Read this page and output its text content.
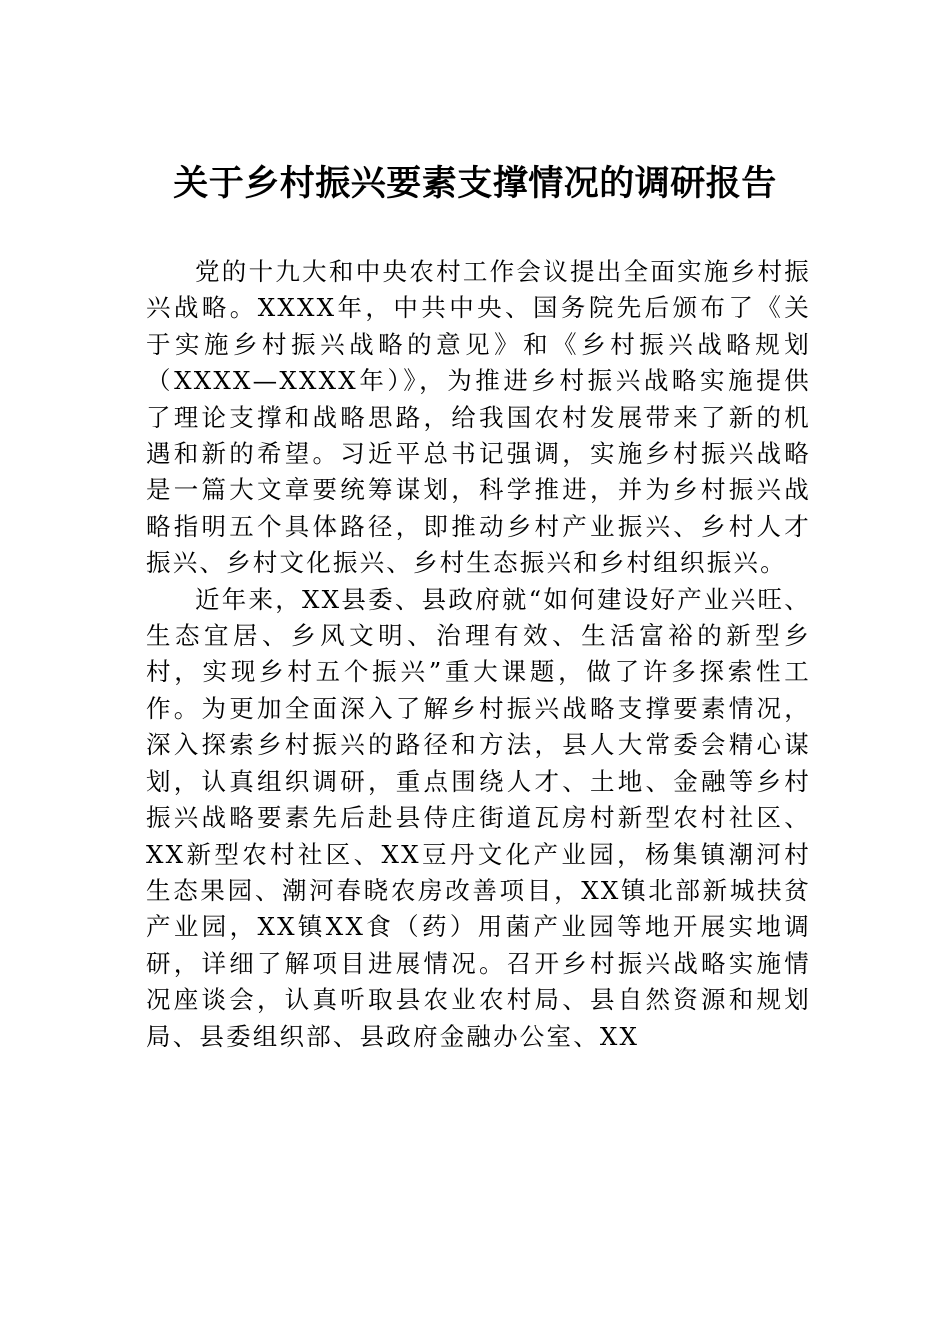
关于乡村振兴要素支撑情况的调研报告

党的十九大和中央农村工作会议提出全面实施乡村振兴战略。XXXX年，中共中央、国务院先后颁布了《关于实施乡村振兴战略的意见》和《乡村振兴战略规划（XXXX—XXXX年）》，为推进乡村振兴战略实施提供了理论支撑和战略思路，给我国农村发展带来了新的机遇和新的希望。习近平总书记强调，实施乡村振兴战略是一篇大文章要统筹谋划，科学推进，并为乡村振兴战略指明五个具体路径，即推动乡村产业振兴、乡村人才振兴、乡村文化振兴、乡村生态振兴和乡村组织振兴。

近年来，XX县委、县政府就“如何建设好产业兴旺、生态宜居、乡风文明、治理有效、生活富裕的新型乡村，实现乡村五个振兴”重大课题，做了许多探索性工作。为更加全面深入了解乡村振兴战略支撑要素情况，深入探索乡村振兴的路径和方法，县人大常委会精心谋划，认真组织调研，重点围绕人才、土地、金融等乡村振兴战略要素先后赴县侍庄街道瓦房村新型农村社区、XX新型农村社区、XX豆丹文化产业园，杨集镇潮河村生态果园、潮河春晓农房改善项目，XX镇北部新城扶贫产业园，XX镇XX食（药）用菌产业园等地开展实地调研，详细了解项目进展情况。召开乡村振兴战略实施情况座谈会，认真听取县农业农村局、县自然资源和规划局、县委组织部、县政府金融办公室、XX
